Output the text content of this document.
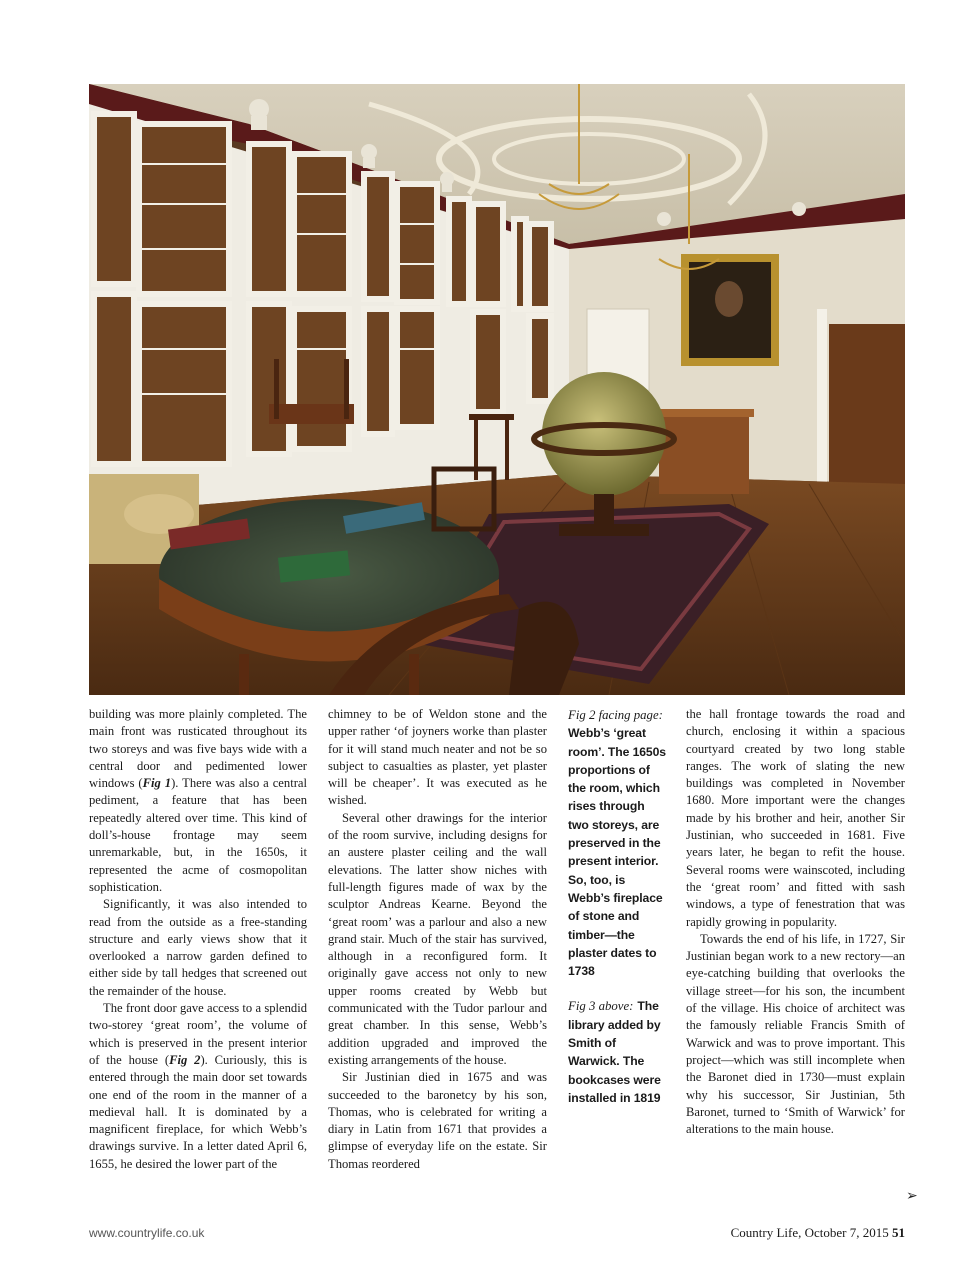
building was more plainly completed. The main front was rusticated throughout its two storeys and was five bays wide with a central door and pedimented lower windows (Fig 1). There was also a central pediment, a feature that has been repeatedly altered over time. This kind of doll’s-house frontage may seem unremarkable, but, in the 1650s, it represented the acme of cosmopolitan sophistication.

Significantly, it was also intended to read from the outside as a free-standing structure and early views show that it overlooked a narrow garden defined to either side by tall hedges that screened out the remainder of the house.

The front door gave access to a splendid two-storey ‘great room’, the volume of which is preserved in the present interior of the house (Fig 2). Curiously, this is entered through the main door set towards one end of the room in the manner of a medieval hall. It is dominated by a magnificent fireplace, for which Webb’s drawings survive. In a letter dated April 6, 1655, he desired the lower part of the

chimney to be of Weldon stone and the upper rather ‘of joyners worke than plaster for it will stand much neater and not be so subject to casualties as plaster, yet plaster will be cheaper’. It was executed as he wished.

Several other drawings for the interior of the room survive, including designs for an austere plaster ceiling and the wall elevations. The latter show niches with full-length figures made of wax by the sculptor Andreas Kearne. Beyond the ‘great room’ was a parlour and also a new grand stair. Much of the stair has survived, although in a reconfigured form. It originally gave access not only to new upper rooms created by Webb but communicated with the Tudor parlour and great chamber. In this sense, Webb’s addition upgraded and improved the existing arrangements of the house.

Sir Justinian died in 1675 and was succeeded to the baronetcy by his son, Thomas, who is celebrated for writing a diary in Latin from 1671 that provides a glimpse of everyday life on the estate. Sir Thomas reordered

Fig 2 facing page: Webb’s ‘great room’. The 1650s proportions of the room, which rises through two storeys, are preserved in the present interior. So, too, is Webb’s fireplace of stone and timber—the plaster dates to 1738
Fig 3 above: The library added by Smith of Warwick. The bookcases were installed in 1819

the hall frontage towards the road and church, enclosing it within a spacious courtyard created by two long stable ranges. The work of slating the new buildings was completed in November 1680. More important were the changes made by his brother and heir, another Sir Justinian, who succeeded in 1681. Five years later, he began to refit the house. Several rooms were wainscoted, including the ‘great room’ and fitted with sash windows, a type of fenestration that was rapidly growing in popularity.

Towards the end of his life, in 1727, Sir Justinian began work to a new rectory—an eye-catching building that overlooks the village street—for his son, the incumbent of the village. His choice of architect was the famously reliable Francis Smith of Warwick and was to prove important. This project—which was still incomplete when the Baronet died in 1730—must explain why his successor, Sir Justinian, 5th Baronet, turned to ‘Smith of Warwick’ for alterations to the main house.

➢
www.countrylife.co.uk	Country Life, October 7, 2015 51
